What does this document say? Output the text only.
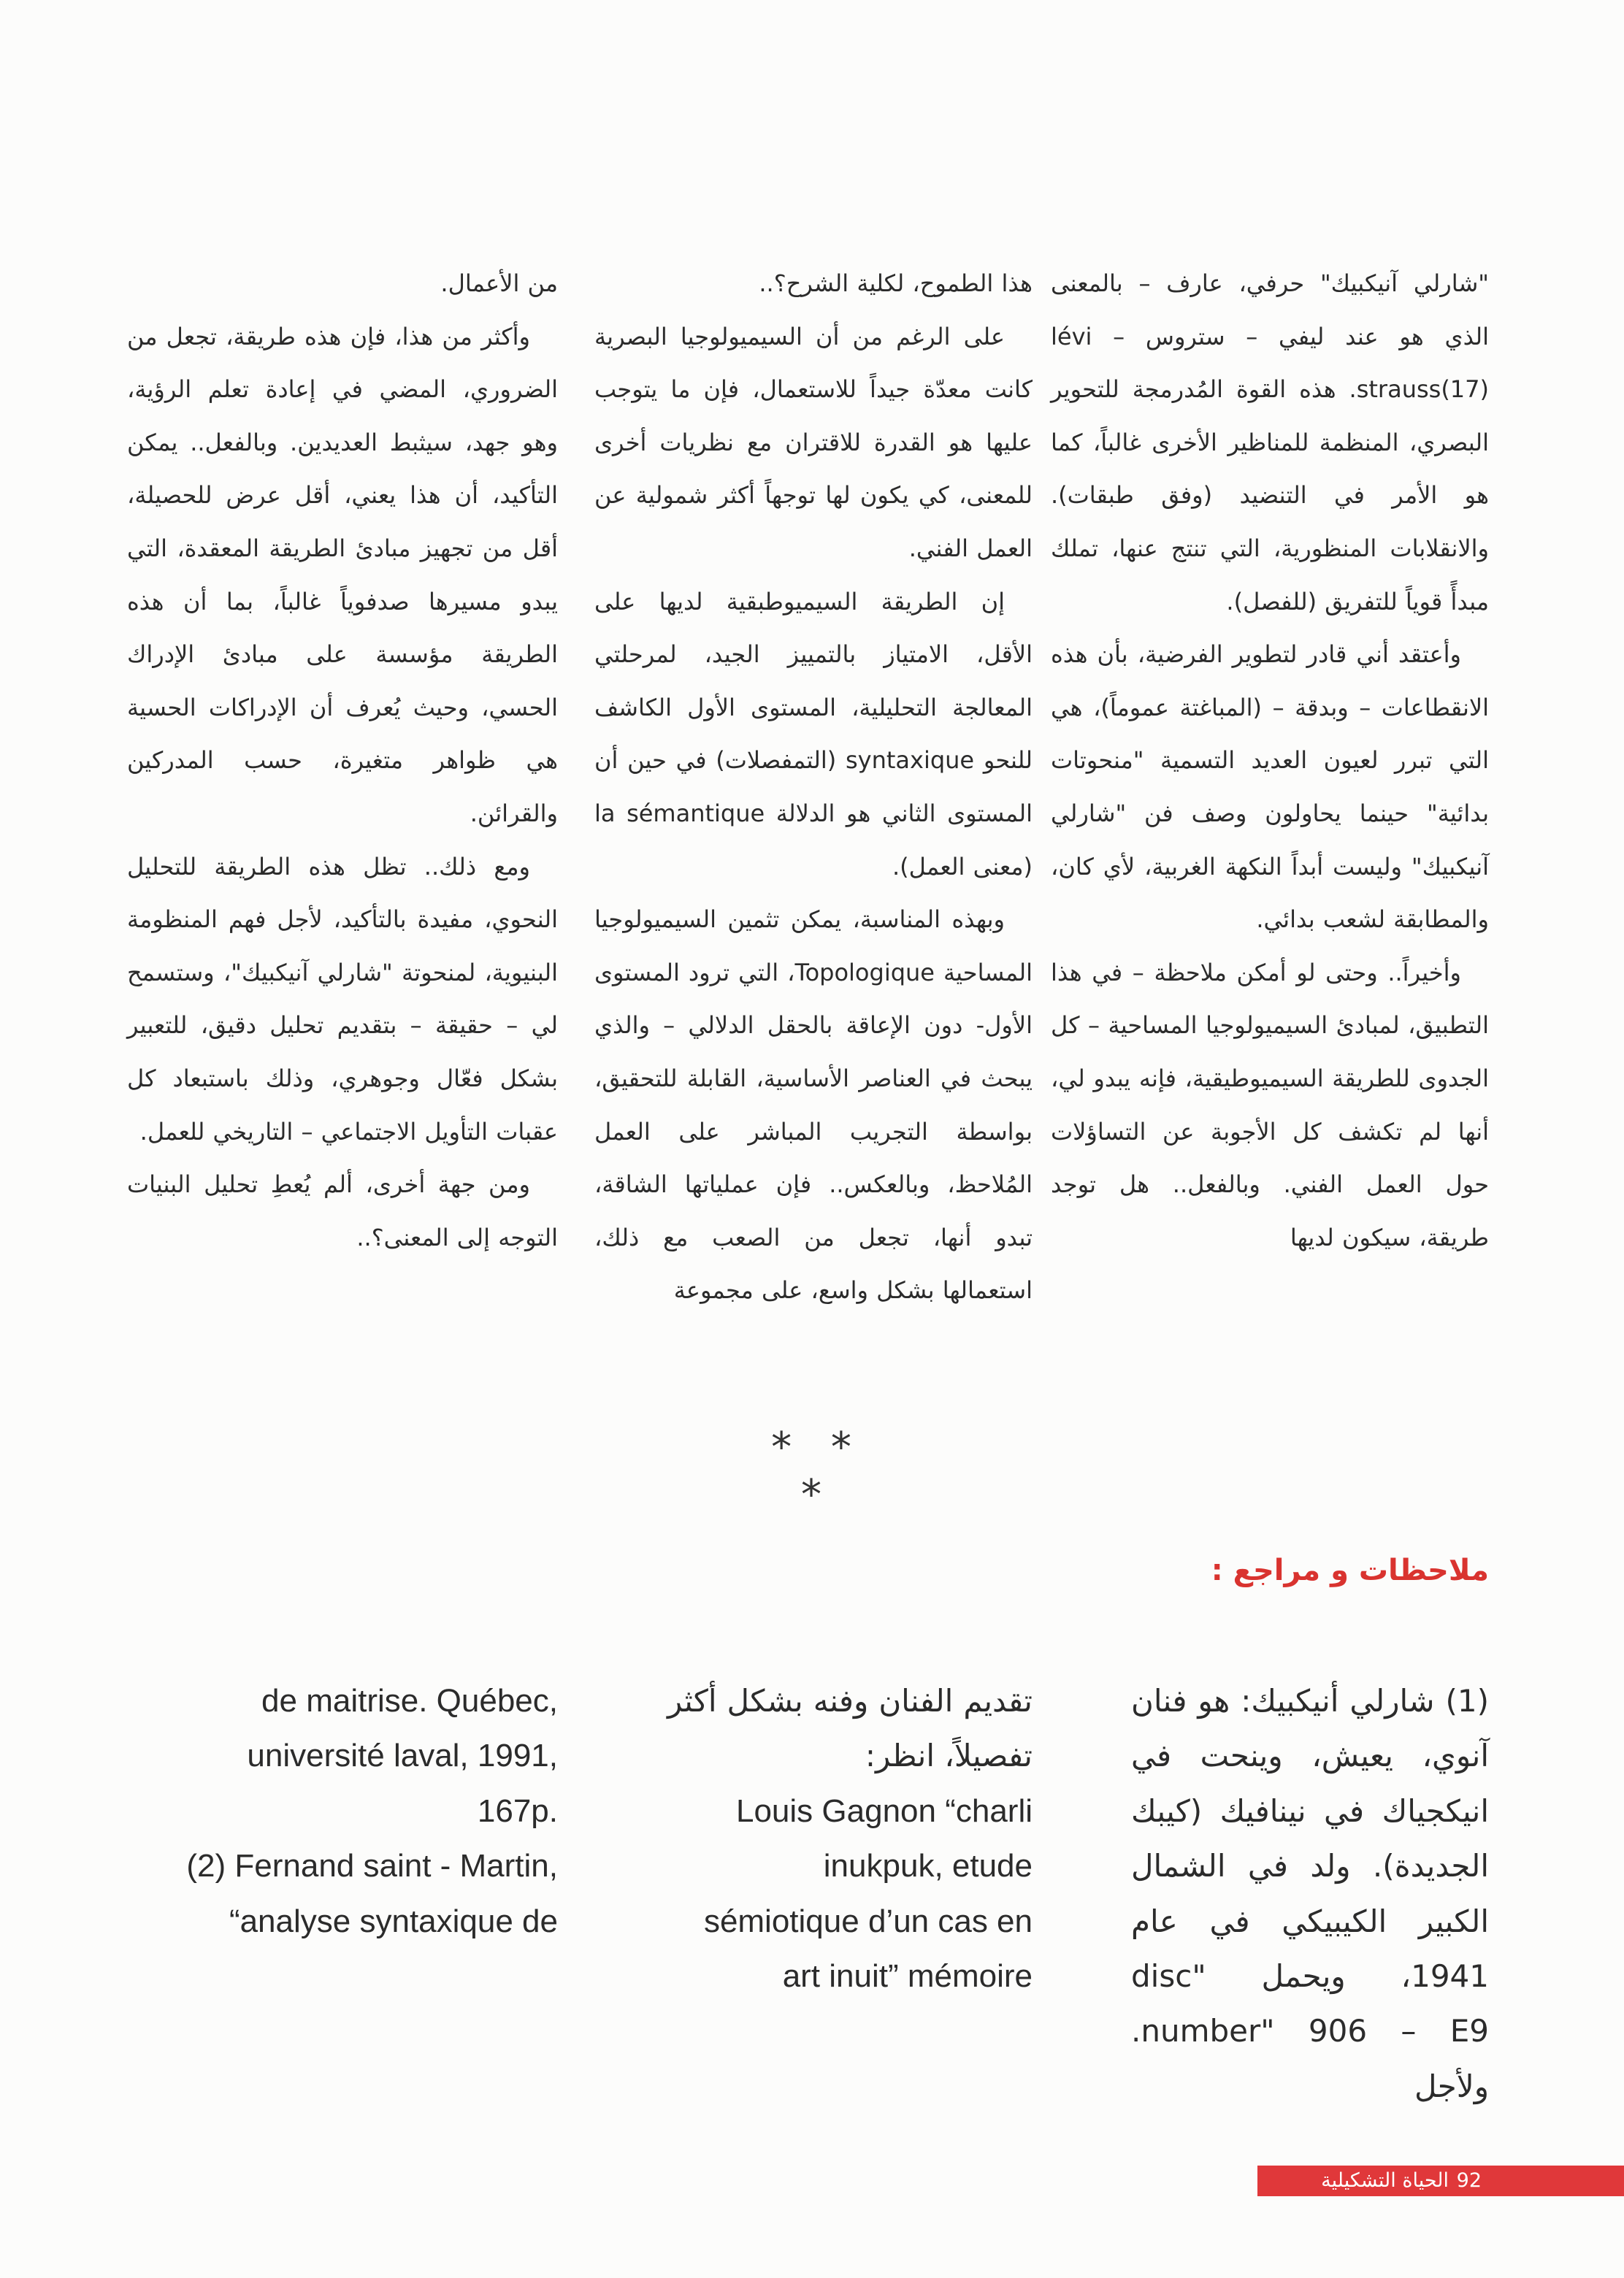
"شارلي آنيكبيك" حرفي، عارف – بالمعنى الذي هو عند ليفي – ستروس lévi –strauss(17). هذه القوة المُدرمجة للتحوير البصري، المنظمة للمناظير الأخرى غالباً، كما هو الأمر في التنضيد (وفق طبقات). والانقلابات المنظورية، التي تنتج عنها، تملك مبدأً قوياً للتفريق (للفصل).

وأعتقد أني قادر لتطوير الفرضية، بأن هذه الانقطاعات – وبدقة – (المباغتة عموماً)، هي التي تبرر لعيون العديد التسمية "منحوتات بدائية" حينما يحاولون وصف فن "شارلي آنيكبيك" وليست أبداً النكهة الغربية، لأي كان، والمطابقة لشعب بدائي.

وأخيراً.. وحتى لو أمكن ملاحظة – في هذا التطبيق، لمبادئ السيميولوجيا المساحية – كل الجدوى للطريقة السيميوطيقية، فإنه يبدو لي، أنها لم تكشف كل الأجوبة عن التساؤلات حول العمل الفني. وبالفعل.. هل توجد طريقة، سيكون لديها

هذا الطموح، لكلية الشرح؟..

على الرغم من أن السيميولوجيا البصرية كانت معدّة جيداً للاستعمال، فإن ما يتوجب عليها هو القدرة للاقتران مع نظريات أخرى للمعنى، كي يكون لها توجهاً أكثر شمولية عن العمل الفني.

إن الطريقة السيميوطبقية لديها على الأقل، الامتياز بالتمييز الجيد، لمرحلتي المعالجة التحليلية، المستوى الأول الكاشف للنحو syntaxique (التمفصلات) في حين أن المستوى الثاني هو الدلالة la sémantique (معنى العمل).

وبهذه المناسبة، يمكن تثمين السيميولوجيا المساحية Topologique، التي ترود المستوى الأول- دون الإعاقة بالحقل الدلالي – والذي يبحث في العناصر الأساسية، القابلة للتحقيق، بواسطة التجريب المباشر على العمل المُلاحظ، وبالعكس.. فإن عملياتها الشاقة، تبدو أنها، تجعل من الصعب مع ذلك، استعمالها بشكل واسع، على مجموعة

من الأعمال.

وأكثر من هذا، فإن هذه طريقة، تجعل من الضروري، المضي في إعادة تعلم الرؤية، وهو جهد، سيثبط العديدين. وبالفعل.. يمكن التأكيد، أن هذا يعني، أقل عرض للحصيلة، أقل من تجهيز مبادئ الطريقة المعقدة، التي يبدو مسيرها صدفوياً غالباً، بما أن هذه الطريقة مؤسسة على مبادئ الإدراك الحسي، وحيث يُعرف أن الإدراكات الحسية هي ظواهر متغيرة، حسب المدركين والقرائن.

ومع ذلك.. تظل هذه الطريقة للتحليل النحوي، مفيدة بالتأكيد، لأجل فهم المنظومة البنيوية، لمنحوتة "شارلي آنيكبيك"، وستسمح لي – حقيقة – بتقديم تحليل دقيق، للتعبير بشكل فعّال وجوهري، وذلك باستبعاد كل عقبات التأويل الاجتماعي – التاريخي للعمل.

ومن جهة أخرى، ألم يُعطِ تحليل البنيات التوجه إلى المعنى؟..

* * *
ملاحظات و مراجع :

(1) شارلي أنيكبيك: هو فنان آنوي، يعيش، وينحت في انيكجياك في نينافيك (كيبك الجديدة). ولد في الشمال الكبير الكيبيكي في عام 1941، ويحمل "disc number" 906 – E9. ولأجل

تقديم الفنان وفنه بشكل أكثر تفصيلاً، انظر:

Louis Gagnon “charli inukpuk, etude sémiotique d’un cas en art inuit” mémoire

de maitrise. Québec, université laval, 1991, 167p.

(2) Fernand saint - Martin, “analyse syntaxique de

92
الحياة التشكيلية
